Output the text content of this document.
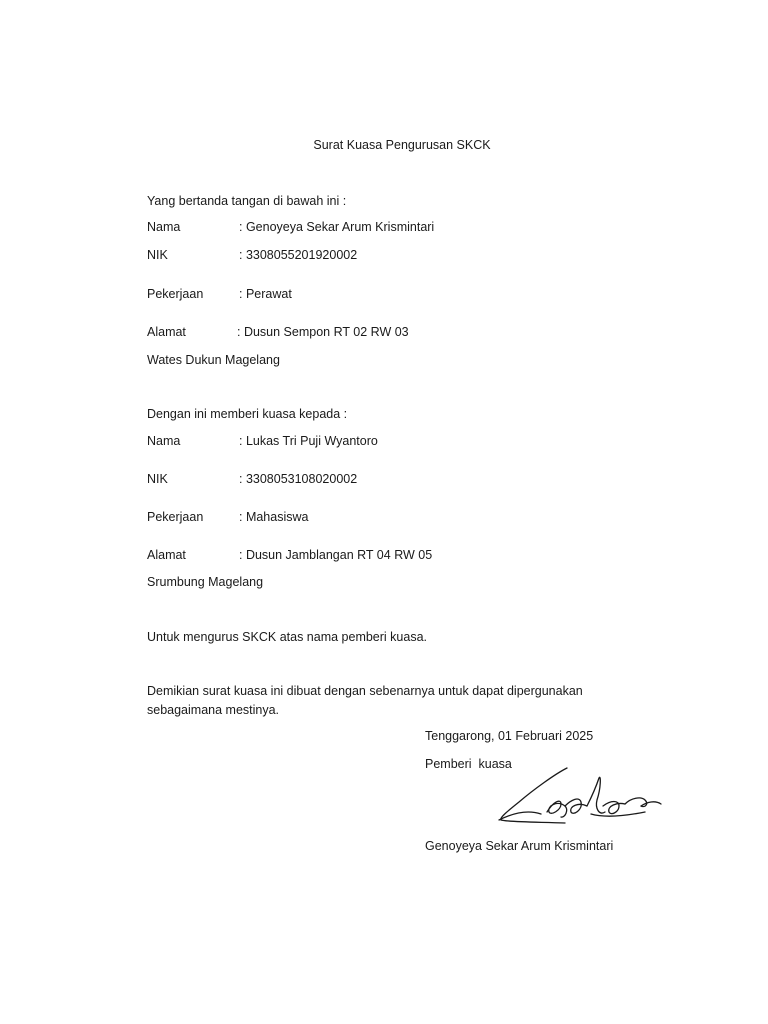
Surat Kuasa Pengurusan SKCK
Yang bertanda tangan di bawah ini :
Nama	: Genoyeya Sekar Arum Krismintari
NIK	: 3308055201920002
Pekerjaan	: Perawat
Alamat	: Dusun Sempon RT 02 RW 03
Wates Dukun Magelang
Dengan ini memberi kuasa kepada :
Nama	: Lukas Tri Puji Wyantoro
NIK	: 3308053108020002
Pekerjaan	: Mahasiswa
Alamat	: Dusun Jamblangan RT 04 RW 05
Srumbung Magelang
Untuk mengurus SKCK atas nama pemberi kuasa.
Demikian surat kuasa ini dibuat dengan sebenarnya untuk dapat dipergunakan sebagaimana mestinya.
Tenggarong, 01 Februari 2025
Pemberi  kuasa
Genoyeya Sekar Arum Krismintari
